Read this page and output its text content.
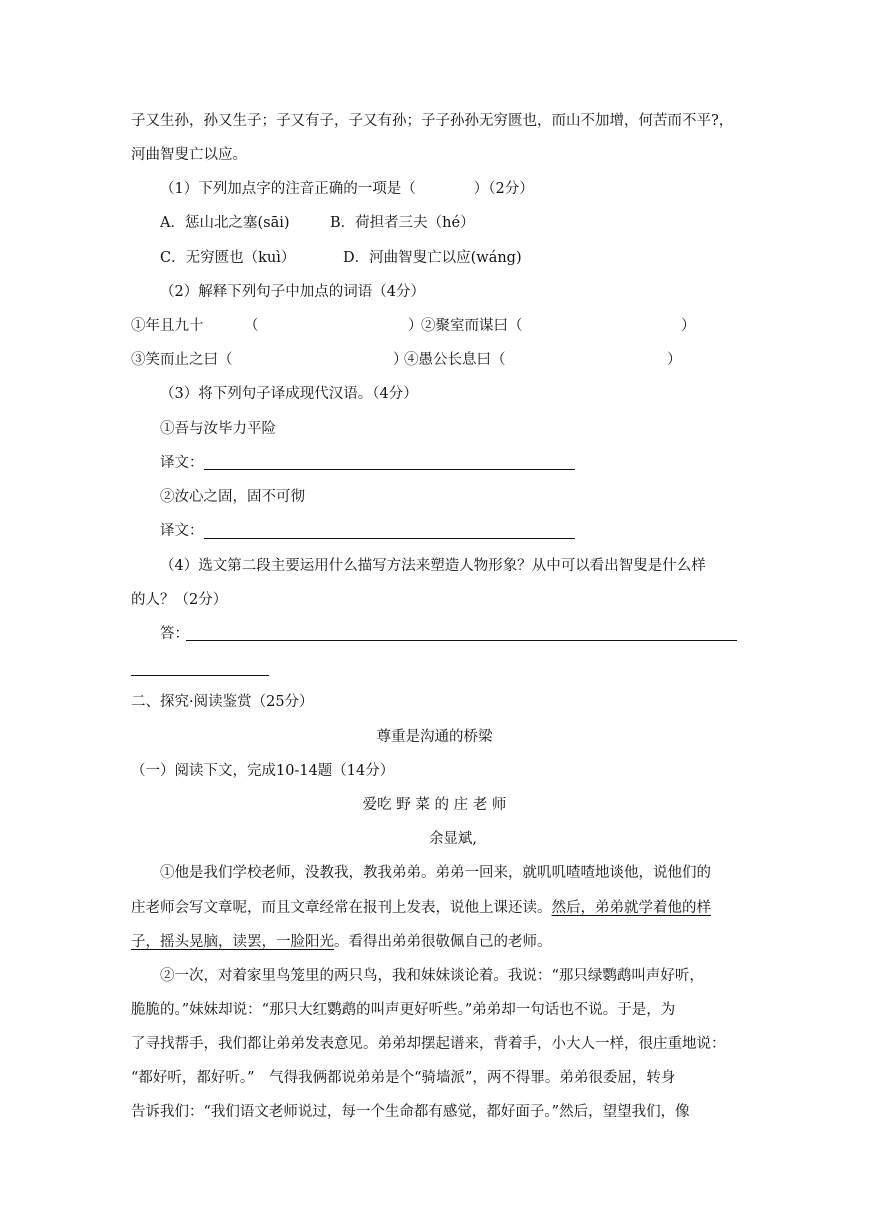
子又生孙，孙又生子；子又有子，子又有孙；子子孙孙无穷匮也，而山不加增，何苦而不平?，
河曲智叟亡以应。
（1）下列加点字的注音正确的一项是（　　　　）（2分）
A．惩山北之塞(sāi)	B．荷担者三夫（hé）
C．无穷匮也（kuì）	D．河曲智叟亡以应(wáng)
（2）解释下列句子中加点的词语（4分）
①年且九十	（	）
②聚室而谋曰（	）
③笑而止之曰（	）
④愚公长息曰（	）
（3）将下列句子译成现代汉语。（4分）
①吾与汝毕力平险
译文：
②汝心之固，固不可彻
译文：
（4）选文第二段主要运用什么描写方法来塑造人物形象？从中可以看出智叟是什么样
的人？（2分）
答：
二、探究·阅读鉴赏（25分）
尊重是沟通的桥梁
（一）阅读下文，完成10-14题（14分）
爱吃 野 菜 的 庄 老 师
余显斌,
①他是我们学校老师，没教我，教我弟弟。弟弟一回来，就叽叽喳喳地谈他，说他们的
庄老师会写文章呢，而且文章经常在报刊上发表，说他上课还读。然后，弟弟就学着他的样
子，摇头晃脑，读罢，一脸阳光。看得出弟弟很敬佩自己的老师。
②一次，对着家里鸟笼里的两只鸟，我和妹妹谈论着。我说：“那只绿鹦鹉叫声好听，
脆脆的。”妹妹却说：“那只大红鹦鹉的叫声更好听些。”弟弟却一句话也不说。于是，为
了寻找帮手，我们都让弟弟发表意见。弟弟却摆起谱来，背着手，小大人一样，很庄重地说：
“都好听，都好听。”　气得我俩都说弟弟是个“骑墙派”，两不得罪。弟弟很委屈，转身
告诉我们：“我们语文老师说过，每一个生命都有感觉，都好面子。”然后，望望我们，像
